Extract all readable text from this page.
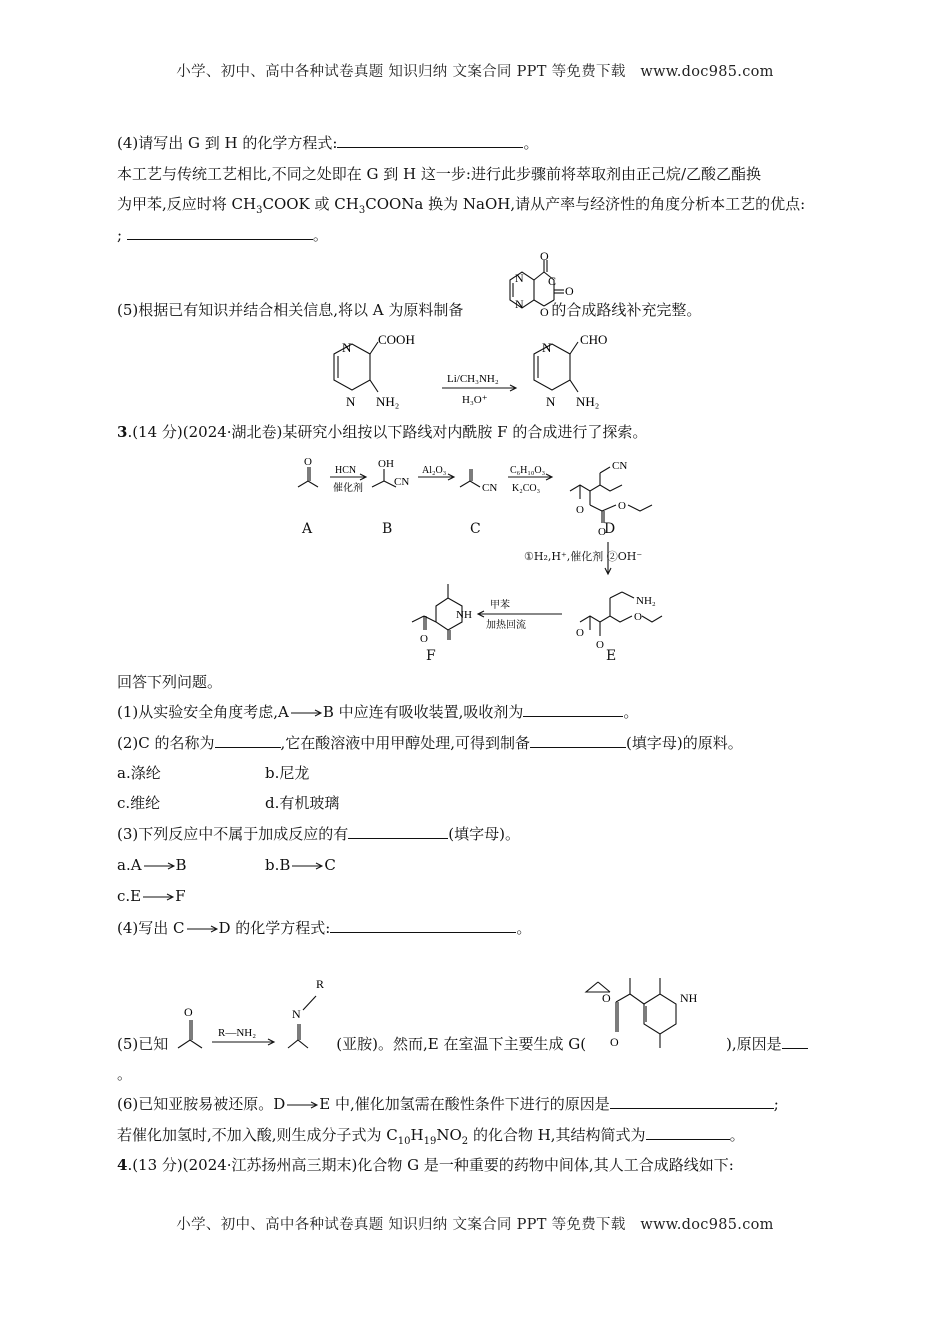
小学、初中、高中各种试卷真题 知识归纳 文案合同 PPT 等免费下载 www.doc985.com
小学、初中、高中各种试卷真题 知识归纳 文案合同 PPT 等免费下载 www.doc985.com
(4)请写出 G 到 H 的化学方程式:	。
本工艺与传统工艺相比,不同之处即在 G 到 H 这一步:进行此步骤前将萃取剂由正己烷/乙酸乙酯换
为甲苯,反应时将 $CH_3COOK$ 或 $CH_3COONa$ 换为 NaOH,请从产率与经济性的角度分析本工艺的优点:
;	。
(5)根据已有知识并结合相关信息,将以 A 为原料制备	的合成路线补充完整。
N
N
O
C
O
O
N
N
COOH
NH₂
Li/CH₃NH₂
H₃O⁺
N
N
CHO
NH₂
3.(14 分)(2024·湖北卷)某研究小组按以下路线对内酰胺 F 的合成进行了探索。
O
HCN
催化剂
OH
CN
Al₂O₃
CN
C₆H₁₀O₃
K₂CO₃
CN
O
O
O
A	B	C	D
①H₂,H⁺,催化剂 ②OH⁻
NH
O
甲苯
加热回流
NH₂
O
O
O
F	E
回答下列问题。
(1)从实验安全角度考虑,A B 中应连有吸收装置,吸收剂为	。
(2)C 的名称为	,它在酸溶液中用甲醇处理,可得到制备	(填字母)的原料。
a.涤纶	b.尼龙
c.维纶	d.有机玻璃
(3)下列反应中不属于加成反应的有	(填字母)。
a.A B	b.B C
c.E F
(4)写出 C D 的化学方程式:	。
O
R—NH₂
N
R
NH
O
O
(5)已知	(亚胺)。然而,E 在室温下主要生成 G(	),原因是
。
(6)已知亚胺易被还原。D E 中,催化加氢需在酸性条件下进行的原因是	;
若催化加氢时,不加入酸,则生成分子式为 $C_{10}H_{19}NO_2$ 的化合物 H,其结构简式为	。
4.(13 分)(2024·江苏扬州高三期末)化合物 G 是一种重要的药物中间体,其人工合成路线如下:
